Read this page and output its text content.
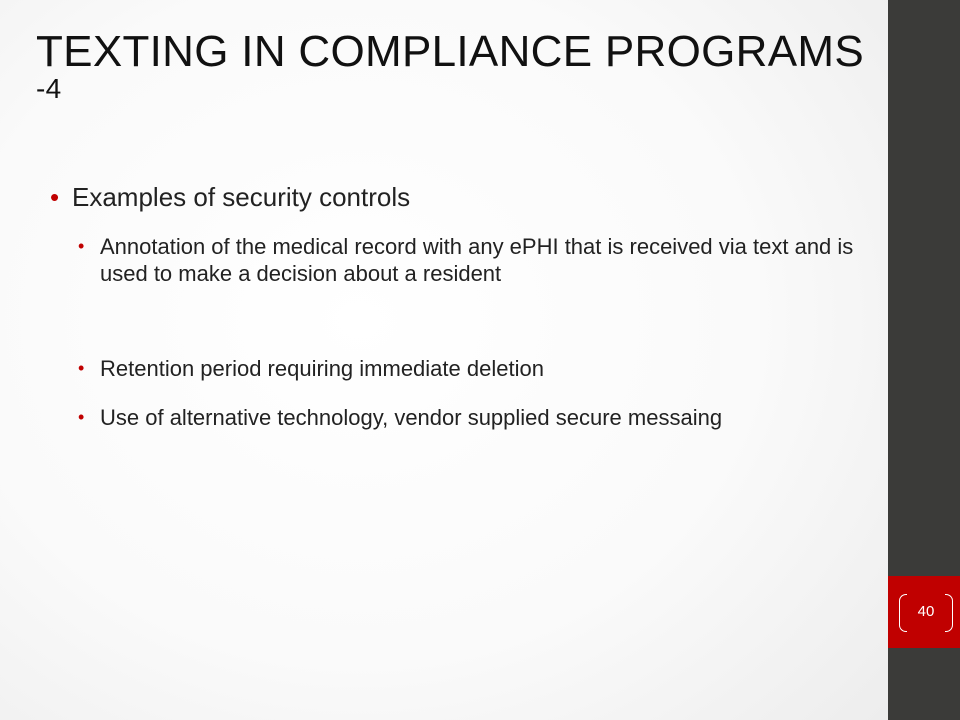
40
TEXTING IN COMPLIANCE PROGRAMS $^{-4}$
• Examples of security controls
• Annotation of the medical record with any ePHI that is received via text and is used to make a decision about a resident
• Retention period requiring immediate deletion
• Use of alternative technology, vendor supplied secure messaing
